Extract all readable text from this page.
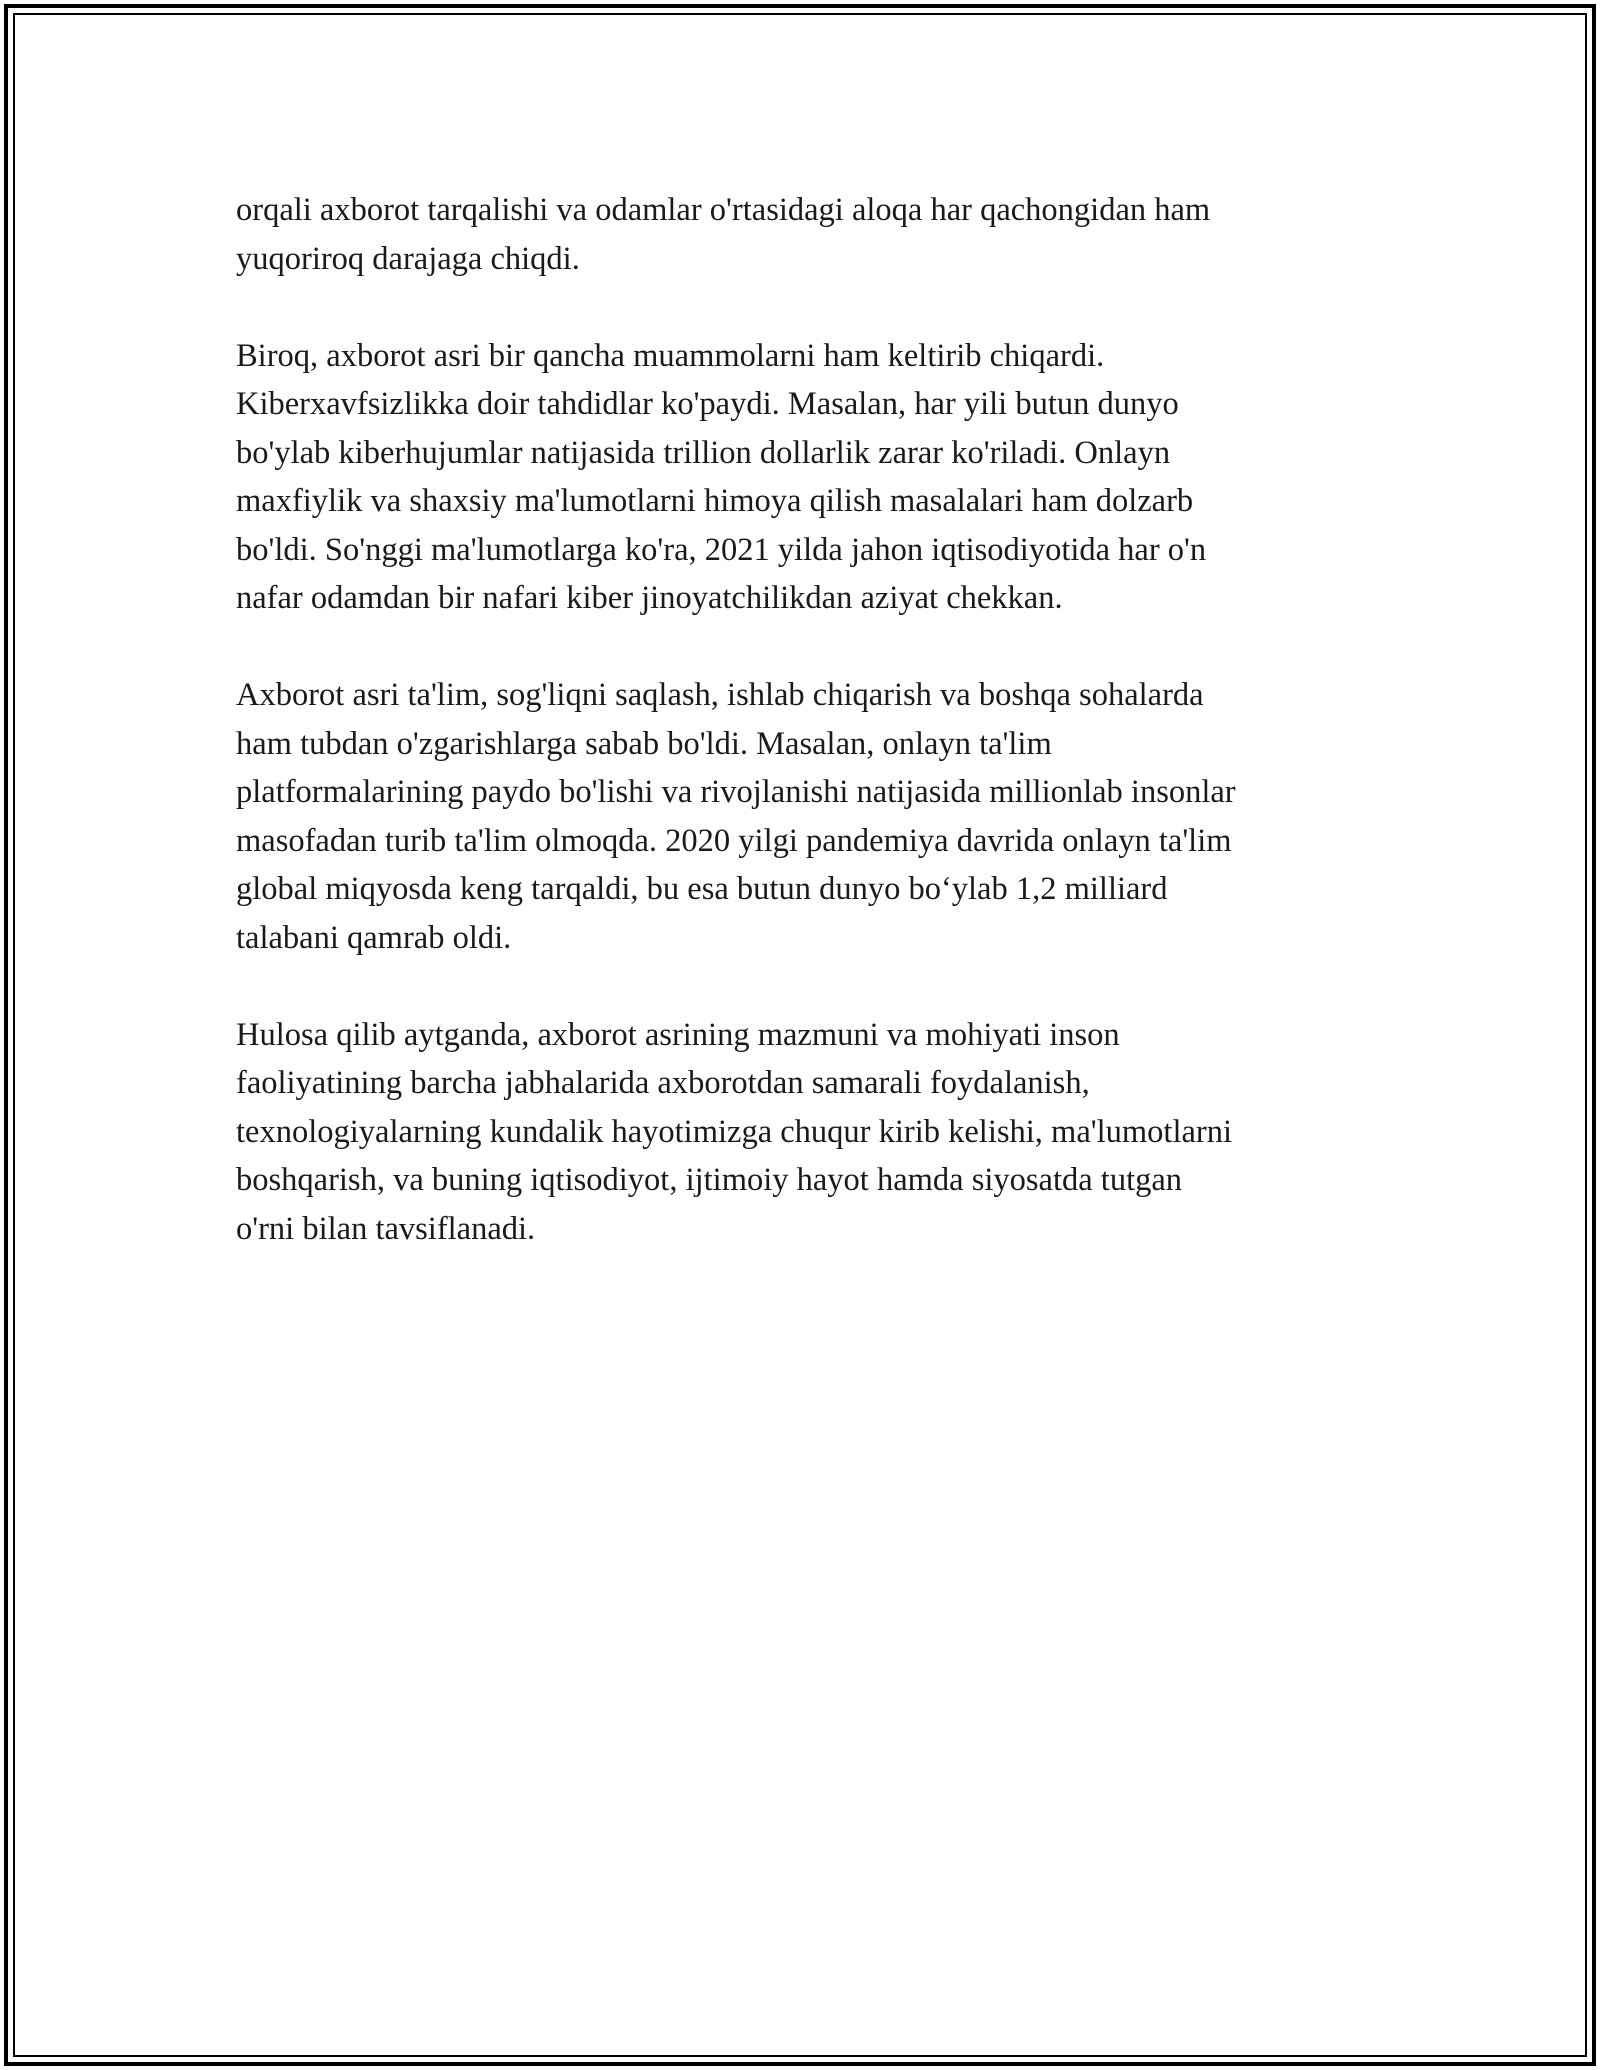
orqali axborot tarqalishi va odamlar o'rtasidagi aloqa har qachongidan ham
yuqoriroq darajaga chiqdi.

Biroq, axborot asri bir qancha muammolarni ham keltirib chiqardi.
Kiberxavfsizlikka doir tahdidlar ko'paydi. Masalan, har yili butun dunyo
bo'ylab kiberhujumlar natijasida trillion dollarlik zarar ko'riladi. Onlayn
maxfiylik va shaxsiy ma'lumotlarni himoya qilish masalalari ham dolzarb
bo'ldi. So'nggi ma'lumotlarga ko'ra, 2021 yilda jahon iqtisodiyotida har o'n
nafar odamdan bir nafari kiber jinoyatchilikdan aziyat chekkan.

Axborot asri ta'lim, sog'liqni saqlash, ishlab chiqarish va boshqa sohalarda
ham tubdan o'zgarishlarga sabab bo'ldi. Masalan, onlayn ta'lim
platformalarining paydo bo'lishi va rivojlanishi natijasida millionlab insonlar
masofadan turib ta'lim olmoqda. 2020 yilgi pandemiya davrida onlayn ta'lim
global miqyosda keng tarqaldi, bu esa butun dunyo bo‘ylab 1,2 milliard
talabani qamrab oldi.

Hulosa qilib aytganda, axborot asrining mazmuni va mohiyati inson
faoliyatining barcha jabhalarida axborotdan samarali foydalanish,
texnologiyalarning kundalik hayotimizga chuqur kirib kelishi, ma'lumotlarni
boshqarish, va buning iqtisodiyot, ijtimoiy hayot hamda siyosatda tutgan
o'rni bilan tavsiflanadi.
